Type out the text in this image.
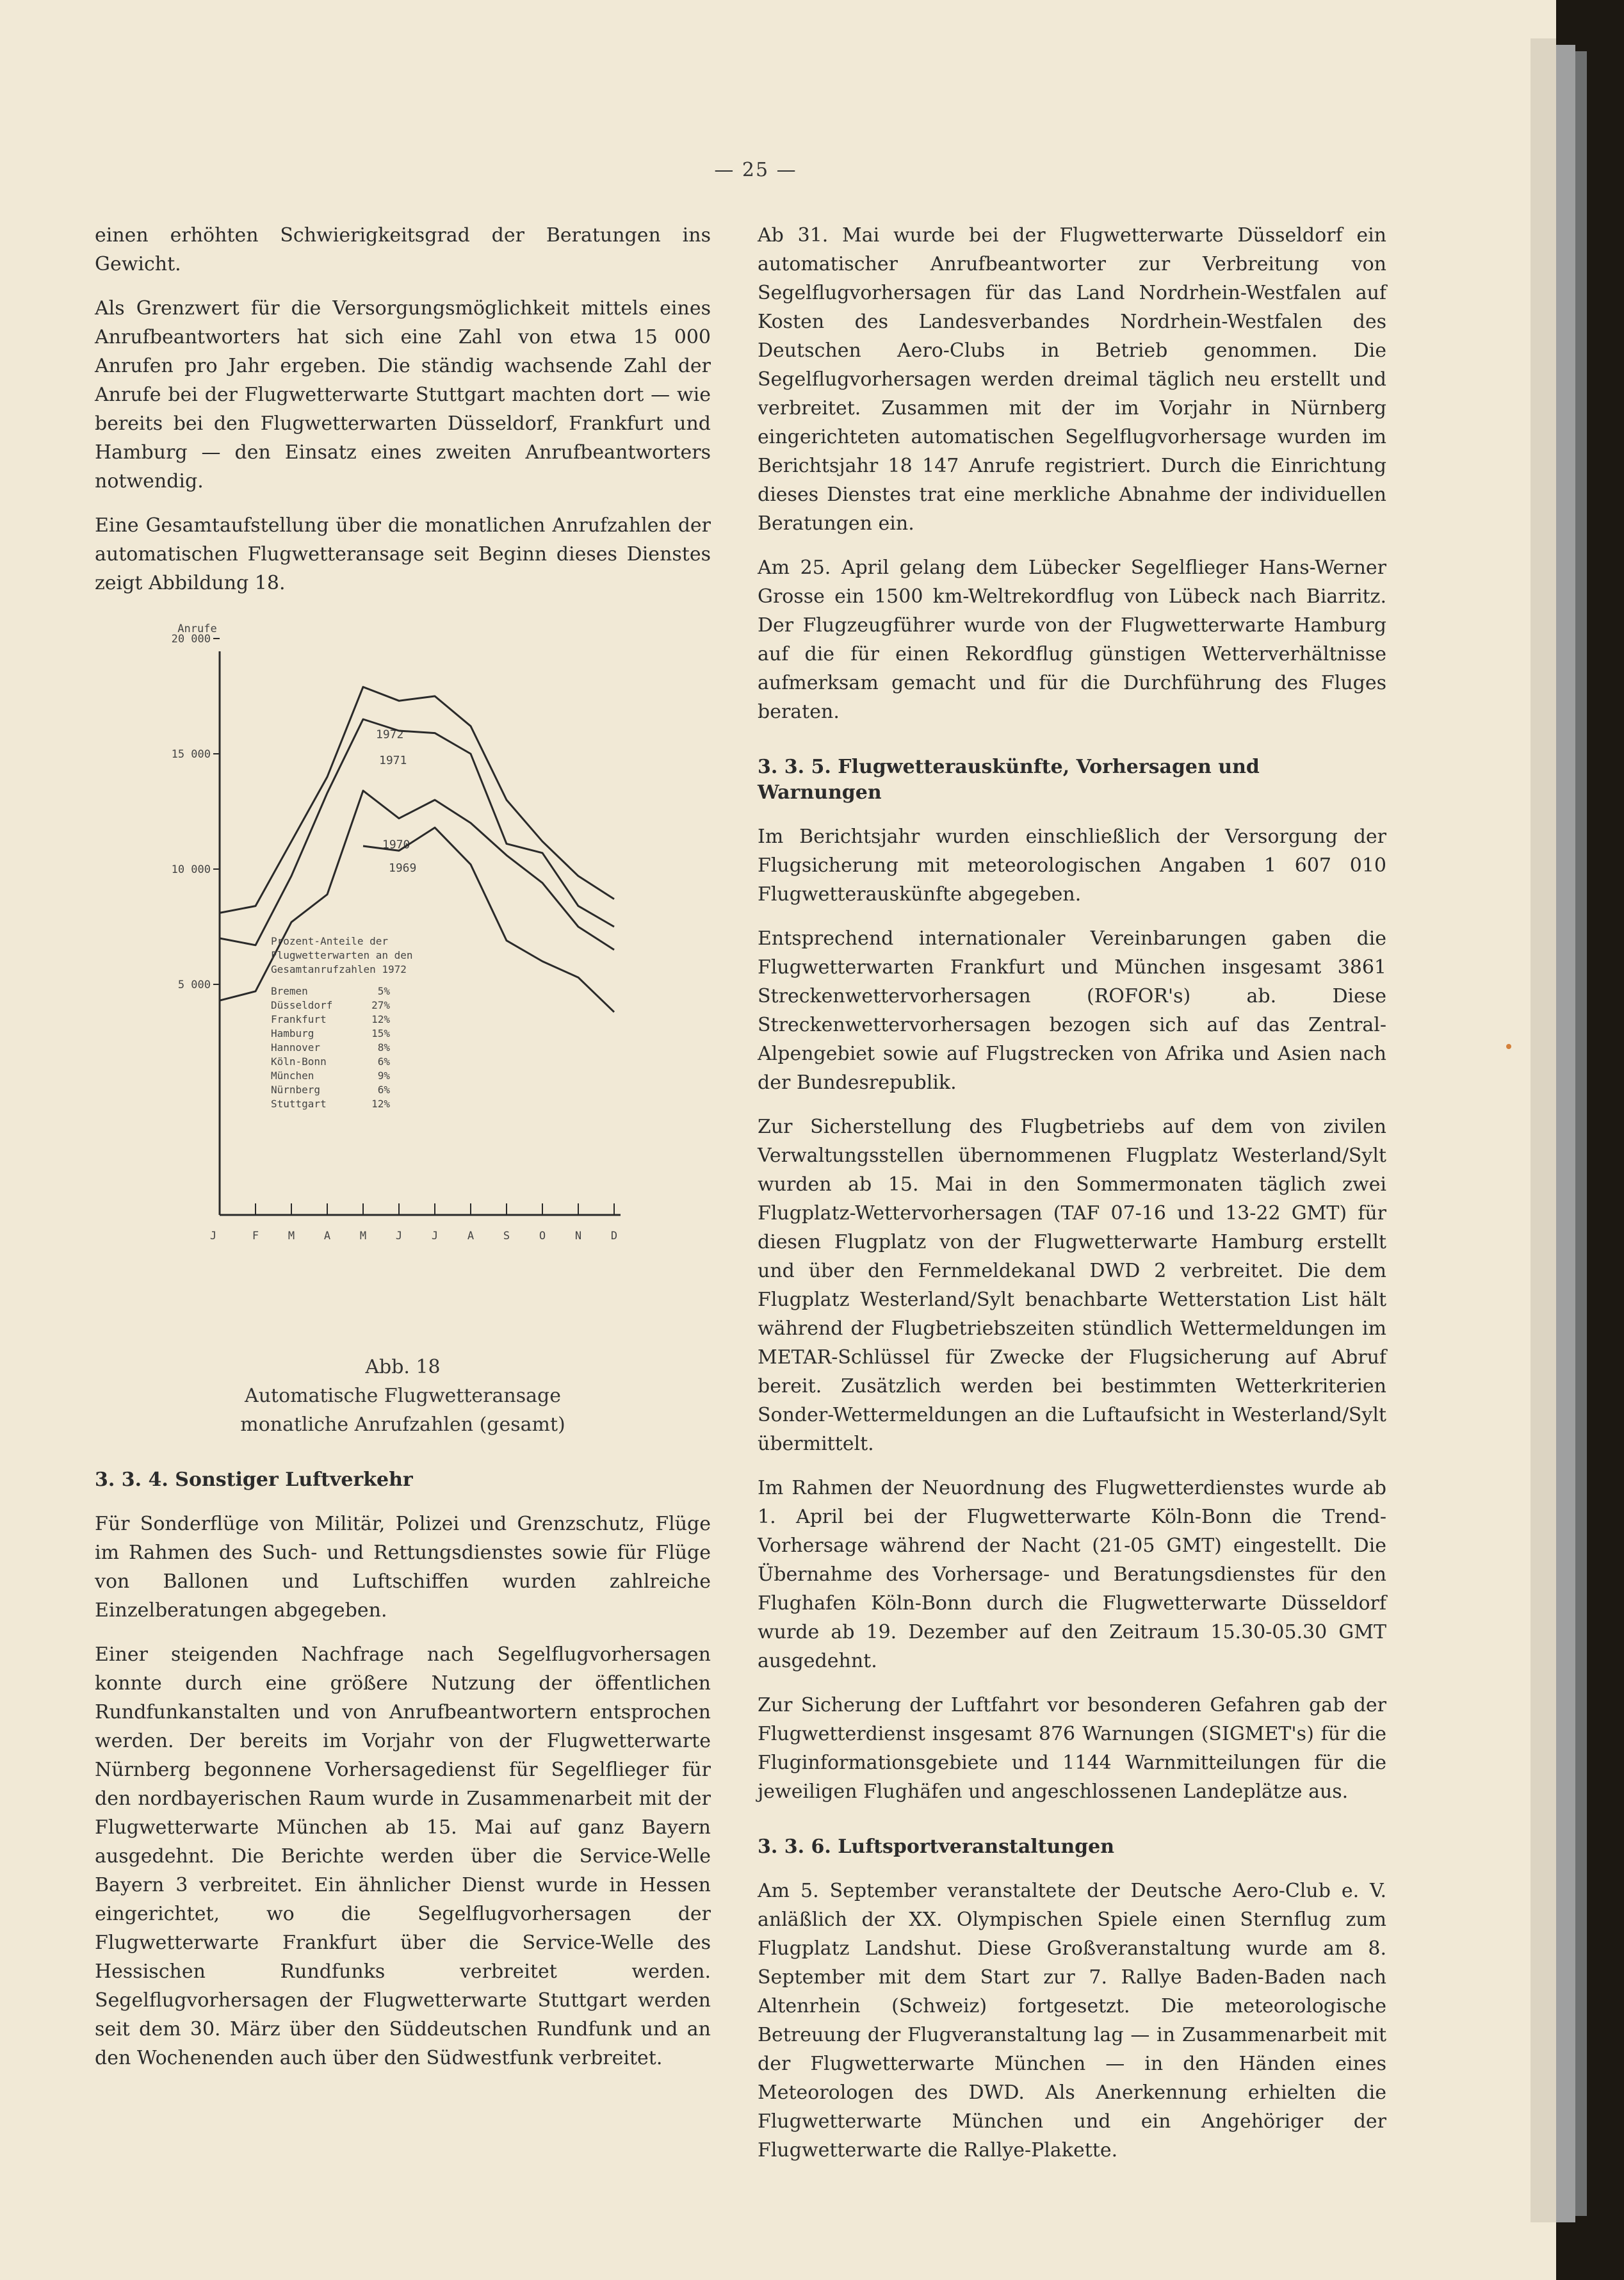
— 25 —

einen erhöhten Schwierigkeitsgrad der Beratungen ins Gewicht.

Als Grenzwert für die Versorgungsmöglichkeit mittels eines Anrufbeantworters hat sich eine Zahl von etwa 15 000 Anrufen pro Jahr ergeben. Die ständig wachsende Zahl der Anrufe bei der Flugwetterwarte Stuttgart machten dort — wie bereits bei den Flugwetterwarten Düsseldorf, Frankfurt und Hamburg — den Einsatz eines zweiten Anrufbeantworters notwendig.

Eine Gesamtaufstellung über die monatlichen Anrufzahlen der automatischen Flugwetteransage seit Beginn dieses Dienstes zeigt Abbildung 18.

Anrufe
5 000
10 000
15 000
20 000
J	F	M	A	M	J	J	A	S	O	N	D
1972
1971
1970
1969
Prozent-Anteile der
Flugwetterwarten an den
Gesamtanrufzahlen 1972
Bremen	5%
Düsseldorf	27%
Frankfurt	12%
Hamburg	15%
Hannover	8%
Köln-Bonn	6%
München	9%
Nürnberg	6%
Stuttgart	12%

Abb. 18
Automatische Flugwetteransage
monatliche Anrufzahlen (gesamt)

3. 3. 4. Sonstiger Luftverkehr

Für Sonderflüge von Militär, Polizei und Grenzschutz, Flüge im Rahmen des Such- und Rettungsdienstes sowie für Flüge von Ballonen und Luftschiffen wurden zahlreiche Einzelberatungen abgegeben.

Einer steigenden Nachfrage nach Segelflugvorhersagen konnte durch eine größere Nutzung der öffentlichen Rundfunkanstalten und von Anrufbeantwortern entsprochen werden. Der bereits im Vorjahr von der Flugwetterwarte Nürnberg begonnene Vorhersagedienst für Segelflieger für den nordbayerischen Raum wurde in Zusammenarbeit mit der Flugwetterwarte München ab 15. Mai auf ganz Bayern ausgedehnt. Die Berichte werden über die Service-Welle Bayern 3 verbreitet. Ein ähnlicher Dienst wurde in Hessen eingerichtet, wo die Segelflugvorhersagen der Flugwetterwarte Frankfurt über die Service-Welle des Hessischen Rundfunks verbreitet werden. Segelflugvorhersagen der Flugwetterwarte Stuttgart werden seit dem 30. März über den Süddeutschen Rundfunk und an den Wochenenden auch über den Südwestfunk verbreitet.

Ab 31. Mai wurde bei der Flugwetterwarte Düsseldorf ein automatischer Anrufbeantworter zur Verbreitung von Segelflugvorhersagen für das Land Nordrhein-Westfalen auf Kosten des Landesverbandes Nordrhein-Westfalen des Deutschen Aero-Clubs in Betrieb genommen. Die Segelflugvorhersagen werden dreimal täglich neu erstellt und verbreitet. Zusammen mit der im Vorjahr in Nürnberg eingerichteten automatischen Segelflugvorhersage wurden im Berichtsjahr 18 147 Anrufe registriert. Durch die Einrichtung dieses Dienstes trat eine merkliche Abnahme der individuellen Beratungen ein.

Am 25. April gelang dem Lübecker Segelflieger Hans-Werner Grosse ein 1500 km-Weltrekordflug von Lübeck nach Biarritz. Der Flugzeugführer wurde von der Flugwetterwarte Hamburg auf die für einen Rekordflug günstigen Wetterverhältnisse aufmerksam gemacht und für die Durchführung des Fluges beraten.

3. 3. 5. Flugwetterauskünfte, Vorhersagen und Warnungen

Im Berichtsjahr wurden einschließlich der Versorgung der Flugsicherung mit meteorologischen Angaben 1 607 010 Flugwetterauskünfte abgegeben.

Entsprechend internationaler Vereinbarungen gaben die Flugwetterwarten Frankfurt und München insgesamt 3861 Streckenwettervorhersagen (ROFOR's) ab. Diese Streckenwettervorhersagen bezogen sich auf das Zentral-Alpengebiet sowie auf Flugstrecken von Afrika und Asien nach der Bundesrepublik.

Zur Sicherstellung des Flugbetriebs auf dem von zivilen Verwaltungsstellen übernommenen Flugplatz Westerland/Sylt wurden ab 15. Mai in den Sommermonaten täglich zwei Flugplatz-Wettervorhersagen (TAF 07-16 und 13-22 GMT) für diesen Flugplatz von der Flugwetterwarte Hamburg erstellt und über den Fernmeldekanal DWD 2 verbreitet. Die dem Flugplatz Westerland/Sylt benachbarte Wetterstation List hält während der Flugbetriebszeiten stündlich Wettermeldungen im METAR-Schlüssel für Zwecke der Flugsicherung auf Abruf bereit. Zusätzlich werden bei bestimmten Wetterkriterien Sonder-Wettermeldungen an die Luftaufsicht in Westerland/Sylt übermittelt.

Im Rahmen der Neuordnung des Flugwetterdienstes wurde ab 1. April bei der Flugwetterwarte Köln-Bonn die Trend-Vorhersage während der Nacht (21-05 GMT) eingestellt. Die Übernahme des Vorhersage- und Beratungsdienstes für den Flughafen Köln-Bonn durch die Flugwetterwarte Düsseldorf wurde ab 19. Dezember auf den Zeitraum 15.30-05.30 GMT ausgedehnt.

Zur Sicherung der Luftfahrt vor besonderen Gefahren gab der Flugwetterdienst insgesamt 876 Warnungen (SIGMET's) für die Fluginformationsgebiete und 1144 Warnmitteilungen für die jeweiligen Flughäfen und angeschlossenen Landeplätze aus.

3. 3. 6. Luftsportveranstaltungen

Am 5. September veranstaltete der Deutsche Aero-Club e. V. anläßlich der XX. Olympischen Spiele einen Sternflug zum Flugplatz Landshut. Diese Großveranstaltung wurde am 8. September mit dem Start zur 7. Rallye Baden-Baden nach Altenrhein (Schweiz) fortgesetzt. Die meteorologische Betreuung der Flugveranstaltung lag — in Zusammenarbeit mit der Flugwetterwarte München — in den Händen eines Meteorologen des DWD. Als Anerkennung erhielten die Flugwetterwarte München und ein Angehöriger der Flugwetterwarte die Rallye-Plakette.
